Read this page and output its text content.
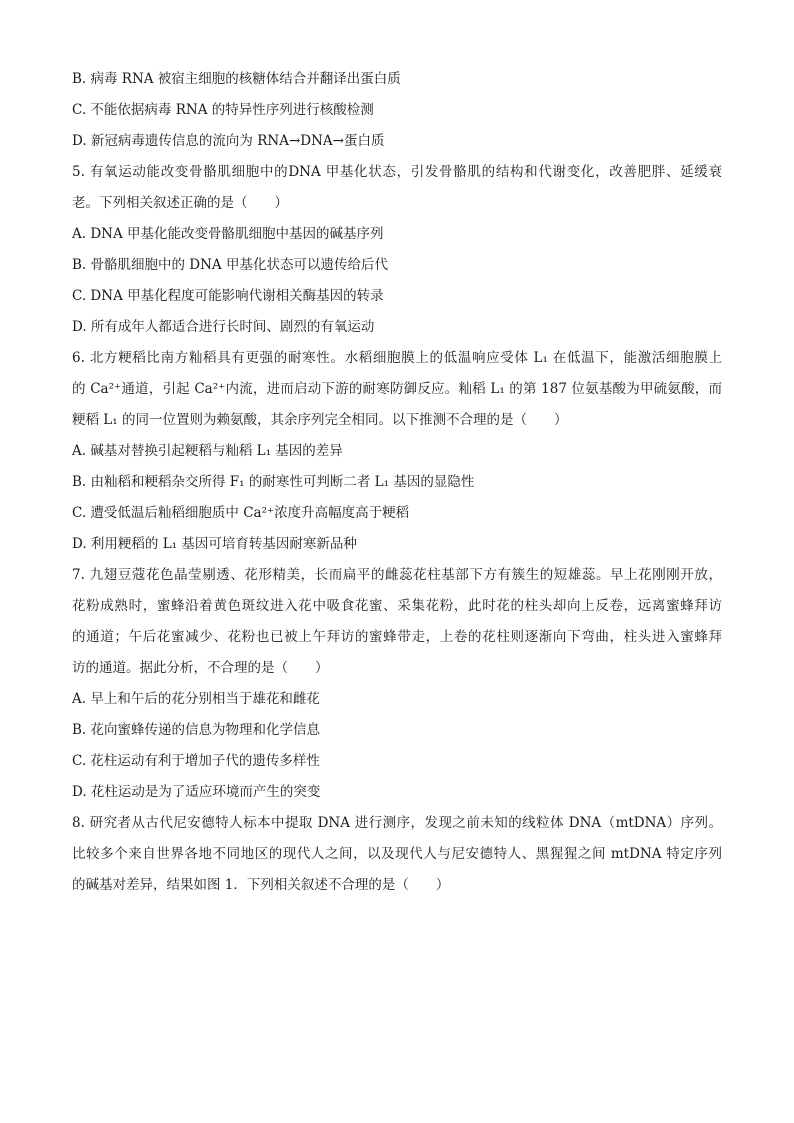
B. 病毒 RNA 被宿主细胞的核糖体结合并翻译出蛋白质
C. 不能依据病毒 RNA 的特异性序列进行核酸检测
D. 新冠病毒遗传信息的流向为 RNA→DNA→蛋白质
5. 有氧运动能改变骨骼肌细胞中的DNA 甲基化状态，引发骨骼肌的结构和代谢变化，改善肥胖、延缓衰
老。下列相关叙述正确的是（　　）
A. DNA 甲基化能改变骨骼肌细胞中基因的碱基序列
B. 骨骼肌细胞中的 DNA 甲基化状态可以遗传给后代
C. DNA 甲基化程度可能影响代谢相关酶基因的转录
D. 所有成年人都适合进行长时间、剧烈的有氧运动
6. 北方粳稻比南方籼稻具有更强的耐寒性。水稻细胞膜上的低温响应受体 L₁ 在低温下，能激活细胞膜上
的 Ca²⁺通道，引起 Ca²⁺内流，进而启动下游的耐寒防御反应。籼稻 L₁ 的第 187 位氨基酸为甲硫氨酸，而
粳稻 L₁ 的同一位置则为赖氨酸，其余序列完全相同。以下推测不合理的是（　　）
A. 碱基对替换引起粳稻与籼稻 L₁ 基因的差异
B. 由籼稻和粳稻杂交所得 F₁ 的耐寒性可判断二者 L₁ 基因的显隐性
C. 遭受低温后籼稻细胞质中 Ca²⁺浓度升高幅度高于粳稻
D. 利用粳稻的 L₁ 基因可培育转基因耐寒新品种
7. 九翅豆蔻花色晶莹剔透、花形精美，长而扁平的雌蕊花柱基部下方有簇生的短雄蕊。早上花刚刚开放，
花粉成熟时，蜜蜂沿着黄色斑纹进入花中吸食花蜜、采集花粉，此时花的柱头却向上反卷，远离蜜蜂拜访
的通道；午后花蜜减少、花粉也已被上午拜访的蜜蜂带走，上卷的花柱则逐渐向下弯曲，柱头进入蜜蜂拜
访的通道。据此分析，不合理的是（　　）
A. 早上和午后的花分别相当于雄花和雌花
B. 花向蜜蜂传递的信息为物理和化学信息
C. 花柱运动有利于增加子代的遗传多样性
D. 花柱运动是为了适应环境而产生的突变
8. 研究者从古代尼安德特人标本中提取 DNA 进行测序，发现之前未知的线粒体 DNA（mtDNA）序列。
比较多个来自世界各地不同地区的现代人之间，以及现代人与尼安德特人、黑猩猩之间 mtDNA 特定序列
的碱基对差异，结果如图 1．下列相关叙述不合理的是（　　）
